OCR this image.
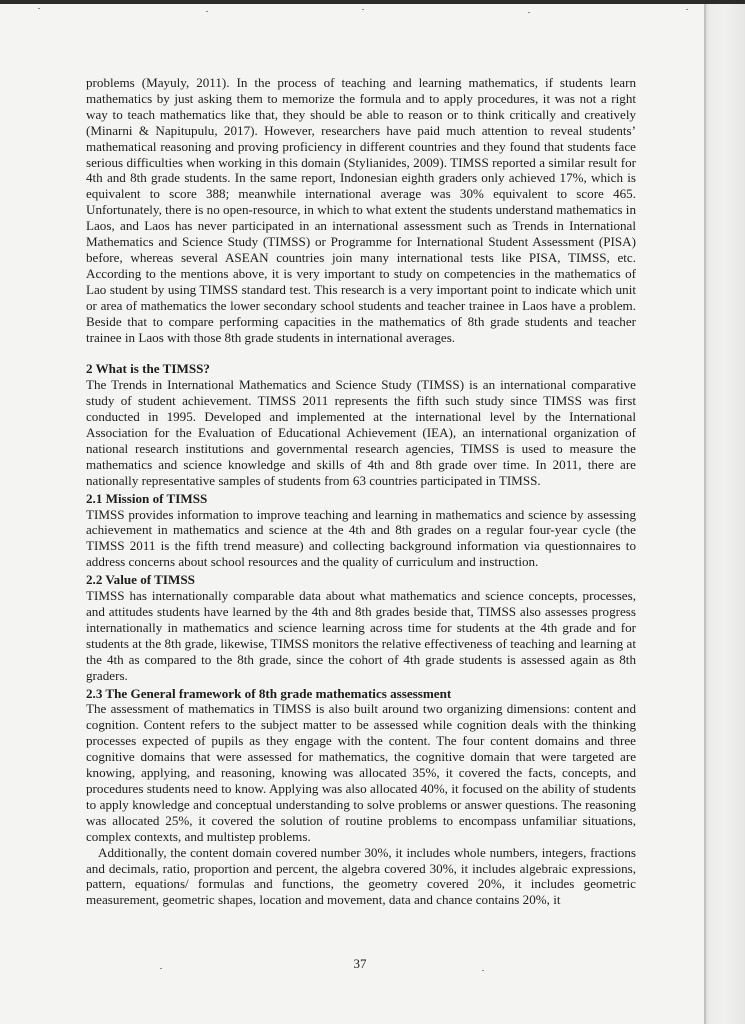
problems (Mayuly, 2011). In the process of teaching and learning mathematics, if students learn mathematics by just asking them to memorize the formula and to apply procedures, it was not a right way to teach mathematics like that, they should be able to reason or to think critically and creatively (Minarni & Napitupulu, 2017). However, researchers have paid much attention to reveal students’ mathematical reasoning and proving proficiency in different countries and they found that students face serious difficulties when working in this domain (Stylianides, 2009). TIMSS reported a similar result for 4th and 8th grade students. In the same report, Indonesian eighth graders only achieved 17%, which is equivalent to score 388; meanwhile international average was 30% equivalent to score 465. Unfortunately, there is no open-resource, in which to what extent the students understand mathematics in Laos, and Laos has never participated in an international assessment such as Trends in International Mathematics and Science Study (TIMSS) or Programme for International Student Assessment (PISA) before, whereas several ASEAN countries join many international tests like PISA, TIMSS, etc. According to the mentions above, it is very important to study on competencies in the mathematics of Lao student by using TIMSS standard test. This research is a very important point to indicate which unit or area of mathematics the lower secondary school students and teacher trainee in Laos have a problem. Beside that to compare performing capacities in the mathematics of 8th grade students and teacher trainee in Laos with those 8th grade students in international averages.

2 What is the TIMSS?

The Trends in International Mathematics and Science Study (TIMSS) is an international comparative study of student achievement. TIMSS 2011 represents the fifth such study since TIMSS was first conducted in 1995. Developed and implemented at the international level by the International Association for the Evaluation of Educational Achievement (IEA), an international organization of national research institutions and governmental research agencies, TIMSS is used to measure the mathematics and science knowledge and skills of 4th and 8th grade over time. In 2011, there are nationally representative samples of students from 63 countries participated in TIMSS.

2.1 Mission of TIMSS

TIMSS provides information to improve teaching and learning in mathematics and science by assessing achievement in mathematics and science at the 4th and 8th grades on a regular four-year cycle (the TIMSS 2011 is the fifth trend measure) and collecting background information via questionnaires to address concerns about school resources and the quality of curriculum and instruction.

2.2 Value of TIMSS

TIMSS has internationally comparable data about what mathematics and science concepts, processes, and attitudes students have learned by the 4th and 8th grades beside that, TIMSS also assesses progress internationally in mathematics and science learning across time for students at the 4th grade and for students at the 8th grade, likewise, TIMSS monitors the relative effectiveness of teaching and learning at the 4th as compared to the 8th grade, since the cohort of 4th grade students is assessed again as 8th graders.

2.3 The General framework of 8th grade mathematics assessment

The assessment of mathematics in TIMSS is also built around two organizing dimensions: content and cognition. Content refers to the subject matter to be assessed while cognition deals with the thinking processes expected of pupils as they engage with the content. The four content domains and three cognitive domains that were assessed for mathematics, the cognitive domain that were targeted are knowing, applying, and reasoning, knowing was allocated 35%, it covered the facts, concepts, and procedures students need to know. Applying was also allocated 40%, it focused on the ability of students to apply knowledge and conceptual understanding to solve problems or answer questions. The reasoning was allocated 25%, it covered the solution of routine problems to encompass unfamiliar situations, complex contexts, and multistep problems.

Additionally, the content domain covered number 30%, it includes whole numbers, integers, fractions and decimals, ratio, proportion and percent, the algebra covered 30%, it includes algebraic expressions, pattern, equations/ formulas and functions, the geometry covered 20%, it includes geometric measurement, geometric shapes, location and movement, data and chance contains 20%, it

37
